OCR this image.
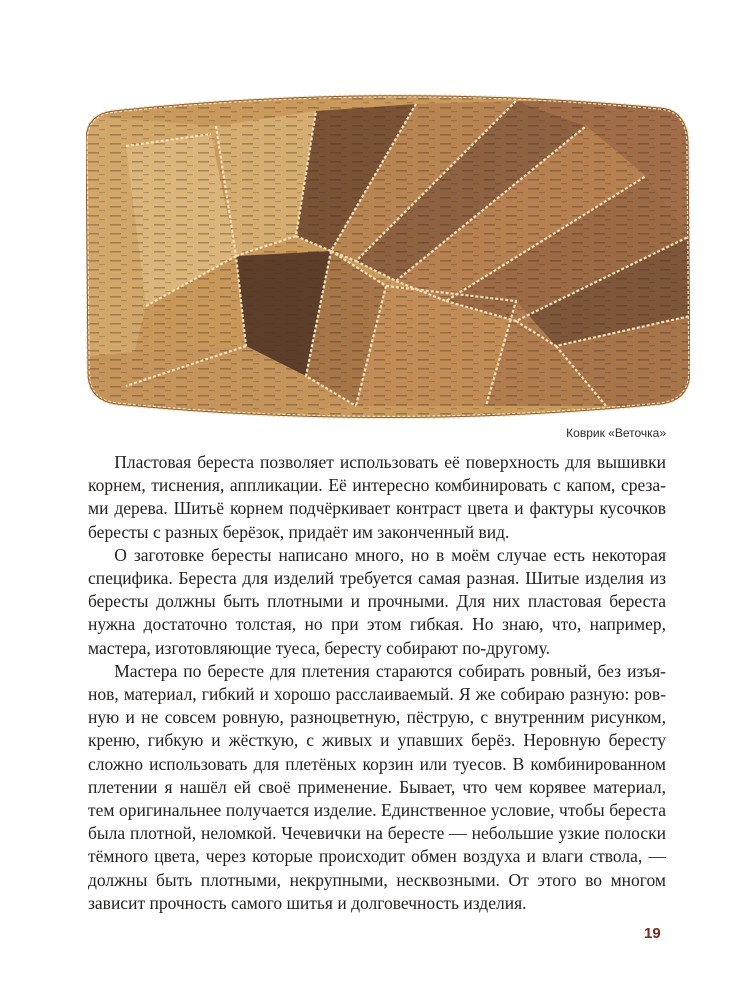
Коврик «Веточка»

Пластовая береста позволяет использовать её поверхность для вышивки корнем, тиснения, аппликации. Её интересно комбинировать с капом, срезами дерева. Шитьё корнем подчёркивает контраст цвета и фактуры кусочков бересты с разных берёзок, придаёт им законченный вид.

О заготовке бересты написано много, но в моём случае есть некоторая специфика. Береста для изделий требуется самая разная. Шитые изделия из бересты должны быть плотными и прочными. Для них пластовая береста нужна достаточно толстая, но при этом гибкая. Но знаю, что, например, мастера, изготовляющие туеса, бересту собирают по-другому.

Мастера по бересте для плетения стараются собирать ровный, без изъянов, материал, гибкий и хорошо расслаиваемый. Я же собираю разную: ровную и не совсем ровную, разноцветную, пёструю, с внутренним рисунком, креню, гибкую и жёсткую, с живых и упавших берёз. Неровную бересту сложно использовать для плетёных корзин или туесов. В комбинированном плетении я нашёл ей своё применение. Бывает, что чем корявее материал, тем оригинальнее получается изделие. Единственное условие, чтобы береста была плотной, неломкой. Чечевички на бересте — небольшие узкие полоски тёмного цвета, через которые происходит обмен воздуха и влаги ствола, — должны быть плотными, некрупными, несквозными. От этого во многом зависит прочность самого шитья и долговечность изделия.

19
